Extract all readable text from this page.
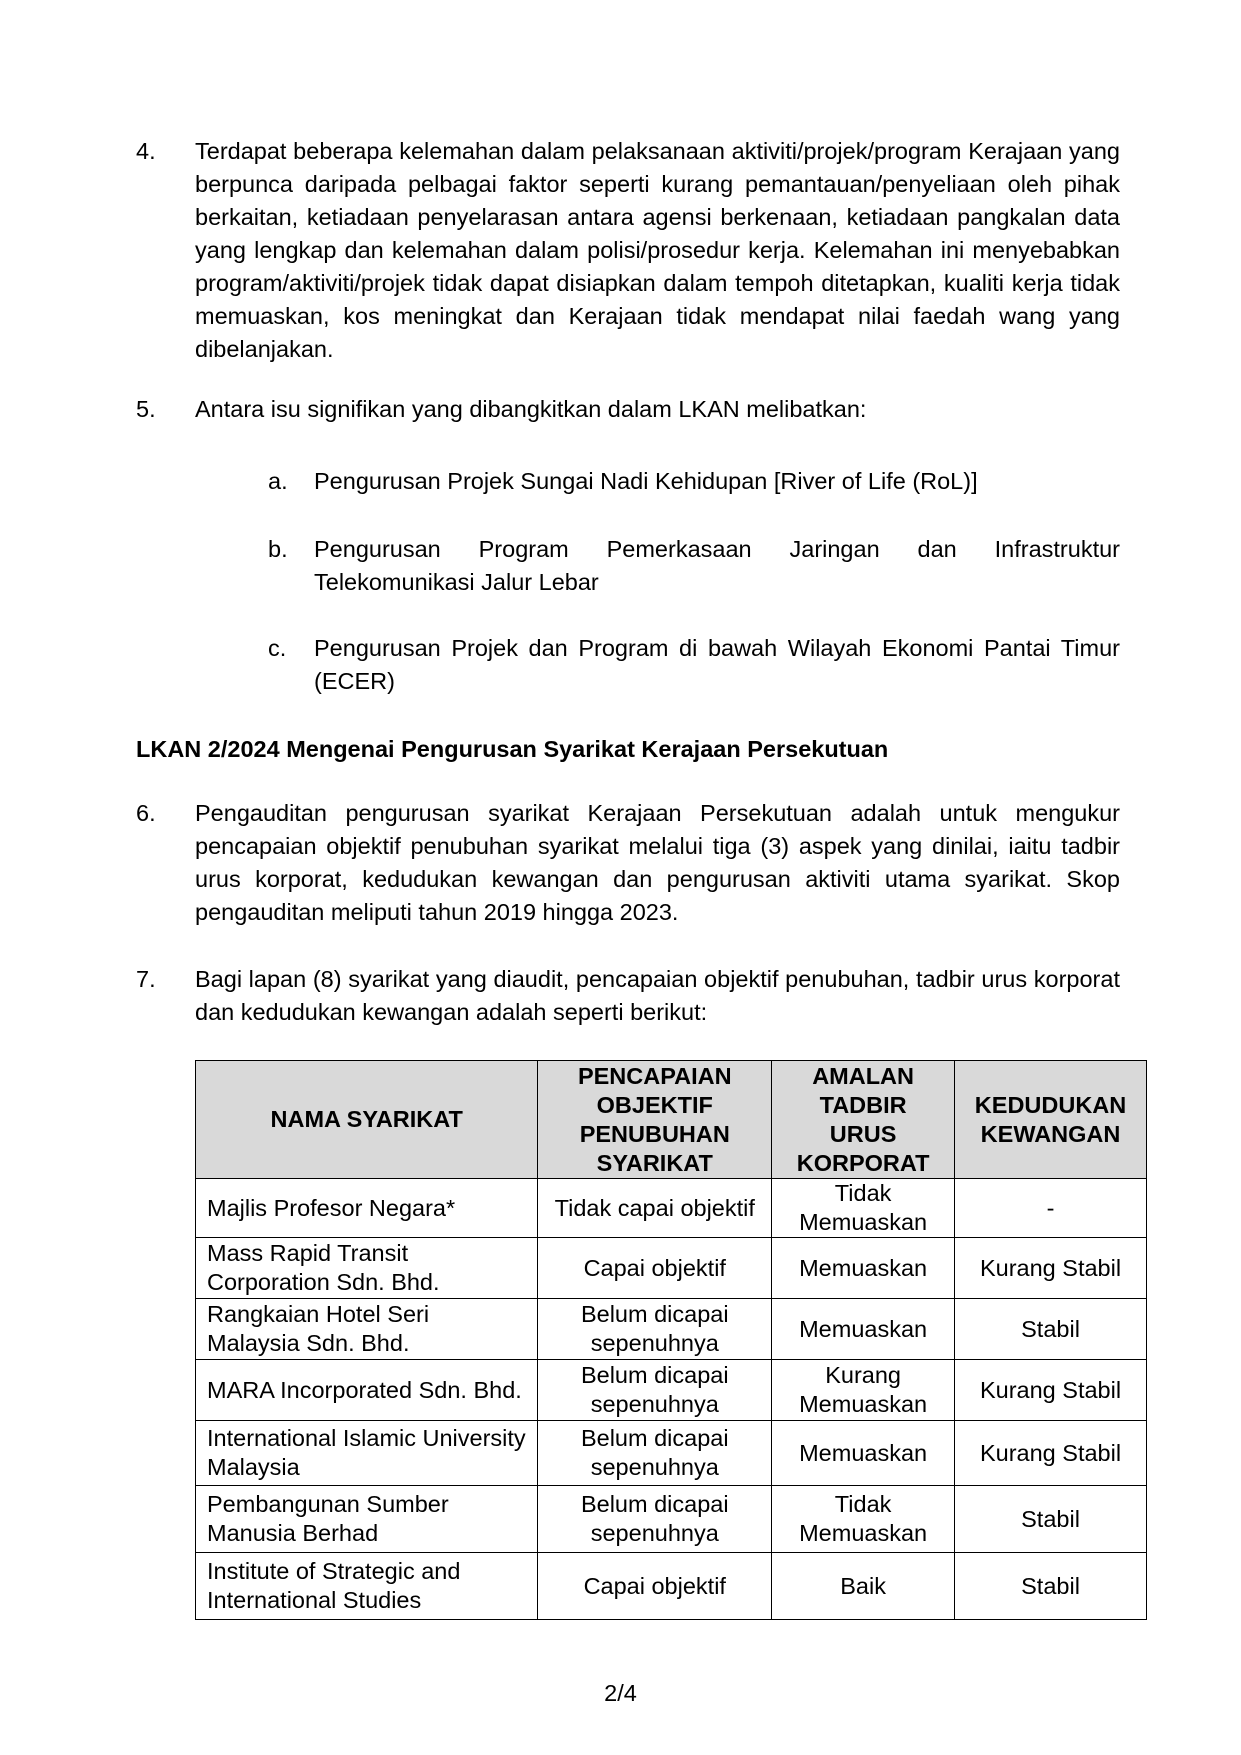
4. Terdapat beberapa kelemahan dalam pelaksanaan aktiviti/projek/program Kerajaan yang berpunca daripada pelbagai faktor seperti kurang pemantauan/penyeliaan oleh pihak berkaitan, ketiadaan penyelarasan antara agensi berkenaan, ketiadaan pangkalan data yang lengkap dan kelemahan dalam polisi/prosedur kerja. Kelemahan ini menyebabkan program/aktiviti/projek tidak dapat disiapkan dalam tempoh ditetapkan, kualiti kerja tidak memuaskan, kos meningkat dan Kerajaan tidak mendapat nilai faedah wang yang dibelanjakan.
5. Antara isu signifikan yang dibangkitkan dalam LKAN melibatkan:
a. Pengurusan Projek Sungai Nadi Kehidupan [River of Life (RoL)]
b. Pengurusan Program Pemerkasaan Jaringan dan Infrastruktur Telekomunikasi Jalur Lebar
c. Pengurusan Projek dan Program di bawah Wilayah Ekonomi Pantai Timur (ECER)
LKAN 2/2024 Mengenai Pengurusan Syarikat Kerajaan Persekutuan
6. Pengauditan pengurusan syarikat Kerajaan Persekutuan adalah untuk mengukur pencapaian objektif penubuhan syarikat melalui tiga (3) aspek yang dinilai, iaitu tadbir urus korporat, kedudukan kewangan dan pengurusan aktiviti utama syarikat. Skop pengauditan meliputi tahun 2019 hingga 2023.
7. Bagi lapan (8) syarikat yang diaudit, pencapaian objektif penubuhan, tadbir urus korporat dan kedudukan kewangan adalah seperti berikut:
NAMA SYARIKAT	PENCAPAIAN OBJEKTIF PENUBUHAN SYARIKAT	AMALAN TADBIR URUS KORPORAT	KEDUDUKAN KEWANGAN
Majlis Profesor Negara*	Tidak capai objektif	Tidak Memuaskan	-
Mass Rapid Transit Corporation Sdn. Bhd.	Capai objektif	Memuaskan	Kurang Stabil
Rangkaian Hotel Seri Malaysia Sdn. Bhd.	Belum dicapai sepenuhnya	Memuaskan	Stabil
MARA Incorporated Sdn. Bhd.	Belum dicapai sepenuhnya	Kurang Memuaskan	Kurang Stabil
International Islamic University Malaysia	Belum dicapai sepenuhnya	Memuaskan	Kurang Stabil
Pembangunan Sumber Manusia Berhad	Belum dicapai sepenuhnya	Tidak Memuaskan	Stabil
Institute of Strategic and International Studies	Capai objektif	Baik	Stabil
2/4
